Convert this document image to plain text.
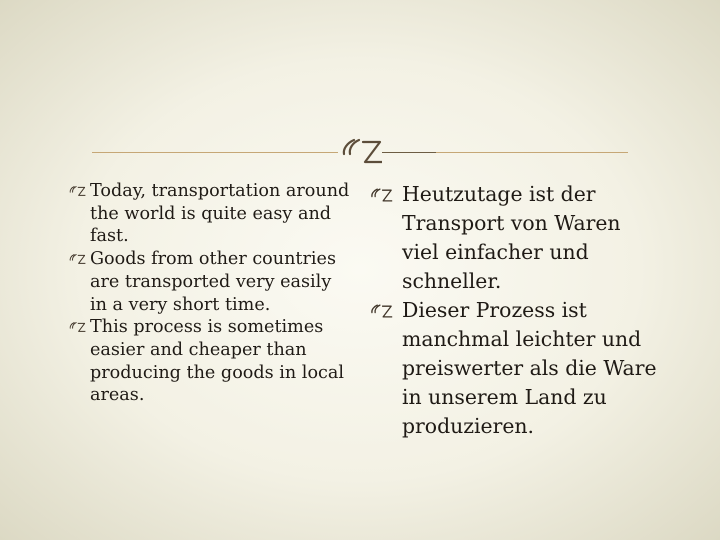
Today, transportation around the world is quite easy and fast.
Goods from other countries are transported very easily in a very short time.
This process is sometimes easier and cheaper than producing the goods in local areas.
Heutzutage ist der Transport von Waren viel einfacher und schneller.
Dieser Prozess ist manchmal leichter und preiswerter als die Ware in unserem Land zu produzieren.
